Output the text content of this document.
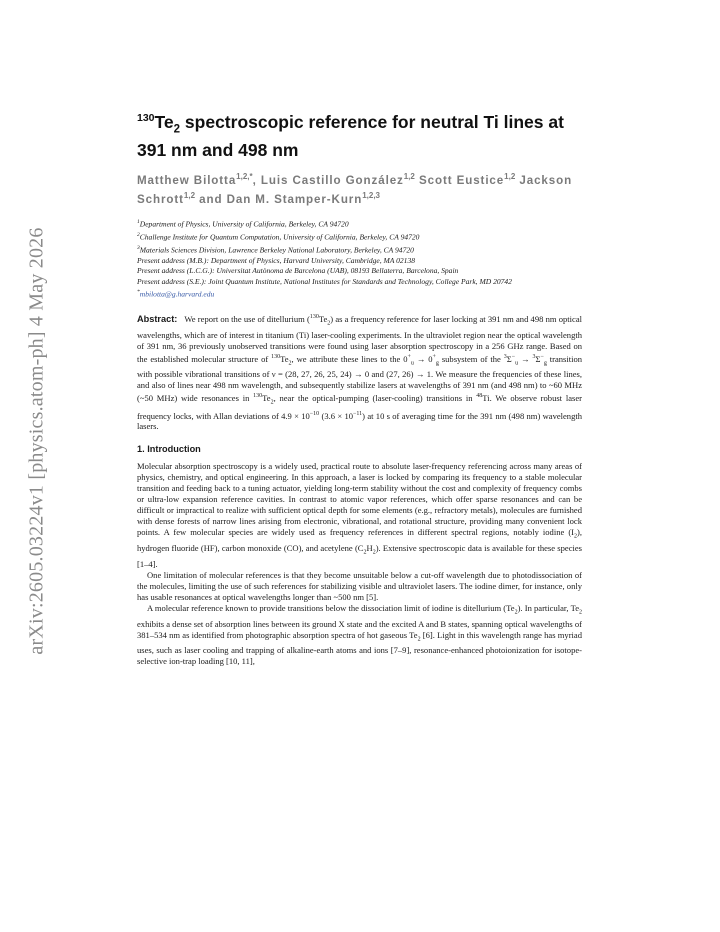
arXiv:2605.03224v1 [physics.atom-ph] 4 May 2026
$^{130}Te_2$ spectroscopic reference for neutral Ti lines at 391 nm and 498 nm
Matthew Bilotta$^{1,2,*}$, Luis Castillo González$^{1,2}$ Scott Eustice$^{1,2}$ Jackson Schrott$^{1,2}$ and Dan M. Stamper-Kurn$^{1,2,3}$

$^1$Department of Physics, University of California, Berkeley, CA 94720

$^2$Challenge Institute for Quantum Computation, University of California, Berkeley, CA 94720

$^3$Materials Sciences Division, Lawrence Berkeley National Laboratory, Berkeley, CA 94720

Present address (M.B.): Department of Physics, Harvard University, Cambridge, MA 02138

Present address (L.C.G.): Universitat Autònoma de Barcelona (UAB), 08193 Bellaterra, Barcelona, Spain

Present address (S.E.): Joint Quantum Institute, National Institutes for Standards and Technology, College Park, MD 20742

*mbilotta@g.harvard.edu

Abstract: We report on the use of ditellurium $(^{130}Te_2)$ as a frequency reference for laser locking at 391 nm and 498 nm optical wavelengths, which are of interest in titanium (Ti) laser-cooling experiments. In the ultraviolet region near the optical wavelength of 391 nm, 36 previously unobserved transitions were found using laser absorption spectroscopy in a 256 GHz range. Based on the established molecular structure of $^{130}Te_2$, we attribute these lines to the $0^+_u \to 0^+_g$ subsystem of the $^3\Sigma^-_u \to ^3\Sigma^-_g$ transition with possible vibrational transitions of ν = (28, 27, 26, 25, 24) → 0 and (27, 26) → 1. We measure the frequencies of these lines, and also of lines near 498 nm wavelength, and subsequently stabilize lasers at wavelengths of 391 nm (and 498 nm) to ~60 MHz (~50 MHz) wide resonances in $^{130}Te_2$, near the optical-pumping (laser-cooling) transitions in $^{48}$Ti. We observe robust laser frequency locks, with Allan deviations of $4.9 \times 10^{-10}$ $(3.6 \times 10^{-11})$ at 10 s of averaging time for the 391 nm (498 nm) wavelength lasers.
1. Introduction

Molecular absorption spectroscopy is a widely used, practical route to absolute laser-frequency referencing across many areas of physics, chemistry, and optical engineering. In this approach, a laser is locked by comparing its frequency to a stable molecular transition and feeding back to a tuning actuator, yielding long-term stability without the cost and complexity of frequency combs or ultra-low expansion reference cavities. In contrast to atomic vapor references, which offer sparse resonances and can be difficult or impractical to realize with sufficient optical depth for some elements (e.g., refractory metals), molecules are furnished with dense forests of narrow lines arising from electronic, vibrational, and rotational structure, providing many convenient lock points. A few molecular species are widely used as frequency references in different spectral regions, notably iodine $(I_2)$, hydrogen fluoride (HF), carbon monoxide (CO), and acetylene $(C_2H_2)$. Extensive spectroscopic data is available for these species [1–4].

One limitation of molecular references is that they become unsuitable below a cut-off wavelength due to photodissociation of the molecules, limiting the use of such references for stabilizing visible and ultraviolet lasers. The iodine dimer, for instance, only has usable resonances at optical wavelengths longer than ~500 nm [5].

A molecular reference known to provide transitions below the dissociation limit of iodine is ditellurium $(Te_2)$. In particular, $Te_2$ exhibits a dense set of absorption lines between its ground X state and the excited A and B states, spanning optical wavelengths of 381–534 nm as identified from photographic absorption spectra of hot gaseous $Te_2$ [6]. Light in this wavelength range has myriad uses, such as laser cooling and trapping of alkaline-earth atoms and ions [7–9], resonance-enhanced photoionization for isotope-selective ion-trap loading [10, 11],
